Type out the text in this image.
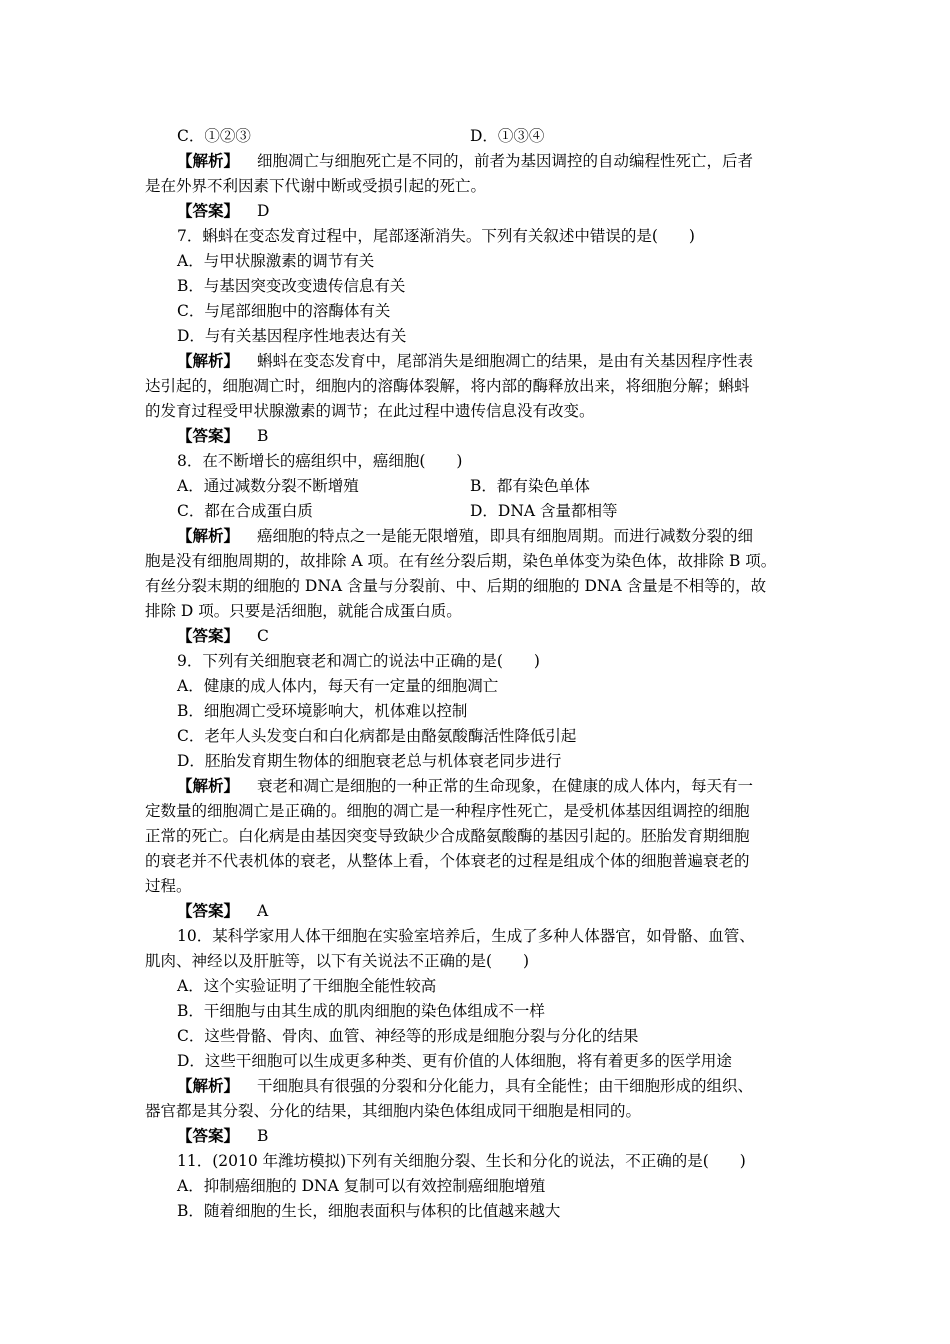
C．①②③	D．①③④
【解析】 细胞凋亡与细胞死亡是不同的，前者为基因调控的自动编程性死亡，后者
是在外界不利因素下代谢中断或受损引起的死亡。
【答案】 D
7．蝌蚪在变态发育过程中，尾部逐渐消失。下列有关叙述中错误的是(　　)
A．与甲状腺激素的调节有关
B．与基因突变改变遗传信息有关
C．与尾部细胞中的溶酶体有关
D．与有关基因程序性地表达有关
【解析】 蝌蚪在变态发育中，尾部消失是细胞凋亡的结果，是由有关基因程序性表
达引起的，细胞凋亡时，细胞内的溶酶体裂解，将内部的酶释放出来，将细胞分解；蝌蚪
的发育过程受甲状腺激素的调节；在此过程中遗传信息没有改变。
【答案】 B
8．在不断增长的癌组织中，癌细胞(　　)
A．通过减数分裂不断增殖	B．都有染色单体
C．都在合成蛋白质	D．DNA 含量都相等
【解析】 癌细胞的特点之一是能无限增殖，即具有细胞周期。而进行减数分裂的细
胞是没有细胞周期的，故排除 A 项。在有丝分裂后期，染色单体变为染色体，故排除 B 项。
有丝分裂末期的细胞的 DNA 含量与分裂前、中、后期的细胞的 DNA 含量是不相等的，故
排除 D 项。只要是活细胞，就能合成蛋白质。
【答案】 C
9．下列有关细胞衰老和凋亡的说法中正确的是(　　)
A．健康的成人体内，每天有一定量的细胞凋亡
B．细胞凋亡受环境影响大，机体难以控制
C．老年人头发变白和白化病都是由酪氨酸酶活性降低引起
D．胚胎发育期生物体的细胞衰老总与机体衰老同步进行
【解析】 衰老和凋亡是细胞的一种正常的生命现象，在健康的成人体内，每天有一
定数量的细胞凋亡是正确的。细胞的凋亡是一种程序性死亡，是受机体基因组调控的细胞
正常的死亡。白化病是由基因突变导致缺少合成酪氨酸酶的基因引起的。胚胎发育期细胞
的衰老并不代表机体的衰老，从整体上看，个体衰老的过程是组成个体的细胞普遍衰老的
过程。
【答案】 A
10．某科学家用人体干细胞在实验室培养后，生成了多种人体器官，如骨骼、血管、
肌肉、神经以及肝脏等，以下有关说法不正确的是(　　)
A．这个实验证明了干细胞全能性较高
B．干细胞与由其生成的肌肉细胞的染色体组成不一样
C．这些骨骼、骨肉、血管、神经等的形成是细胞分裂与分化的结果
D．这些干细胞可以生成更多种类、更有价值的人体细胞，将有着更多的医学用途
【解析】 干细胞具有很强的分裂和分化能力，具有全能性；由干细胞形成的组织、
器官都是其分裂、分化的结果，其细胞内染色体组成同干细胞是相同的。
【答案】 B
11．(2010 年潍坊模拟)下列有关细胞分裂、生长和分化的说法，不正确的是(　　)
A．抑制癌细胞的 DNA 复制可以有效控制癌细胞增殖
B．随着细胞的生长，细胞表面积与体积的比值越来越大
